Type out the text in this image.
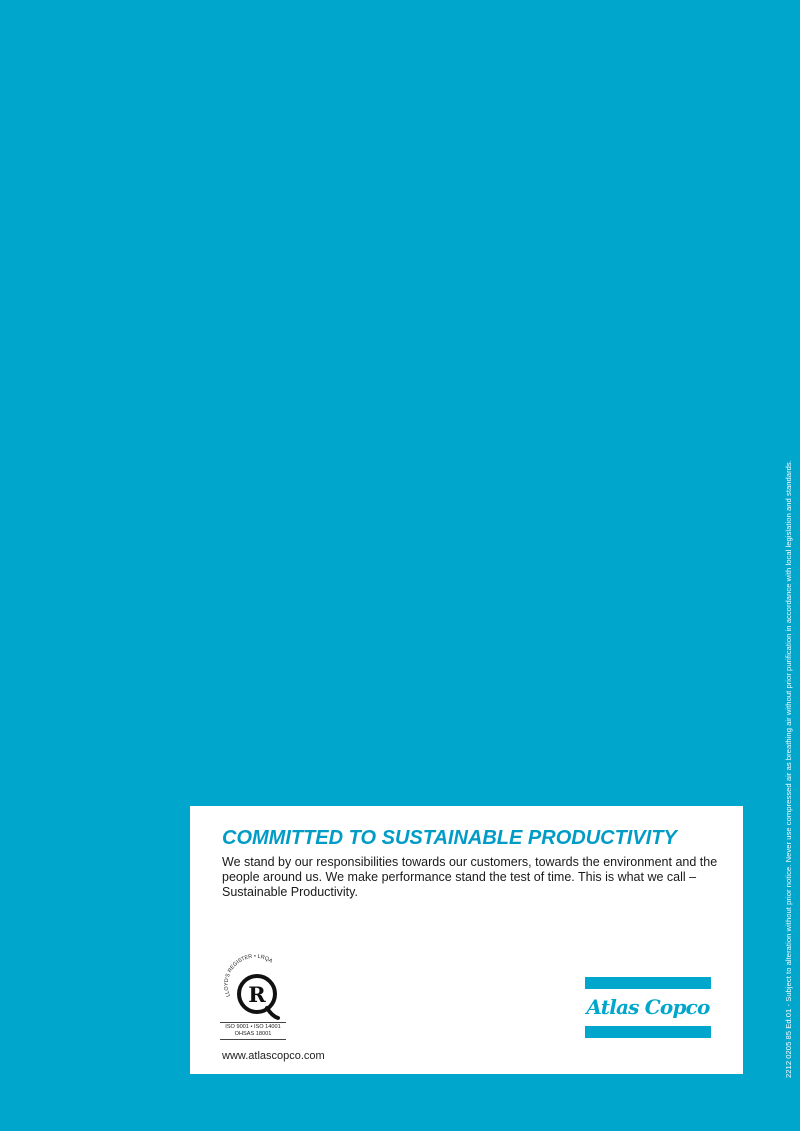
2212 0205 85 Ed.01 - Subject to alteration without prior notice. Never use compressed air as breathing air without prior purification in accordance with local legislation and standards.
COMMITTED TO SUSTAINABLE PRODUCTIVITY

We stand by our responsibilities towards our customers, towards the environment and the people around us. We make performance stand the test of time. This is what we call – Sustainable Productivity.

LLOYD'S REGISTER • LRQA
R
ISO 9001 • ISO 14001
OHSAS 18001

www.atlascopco.com

Atlas Copco
